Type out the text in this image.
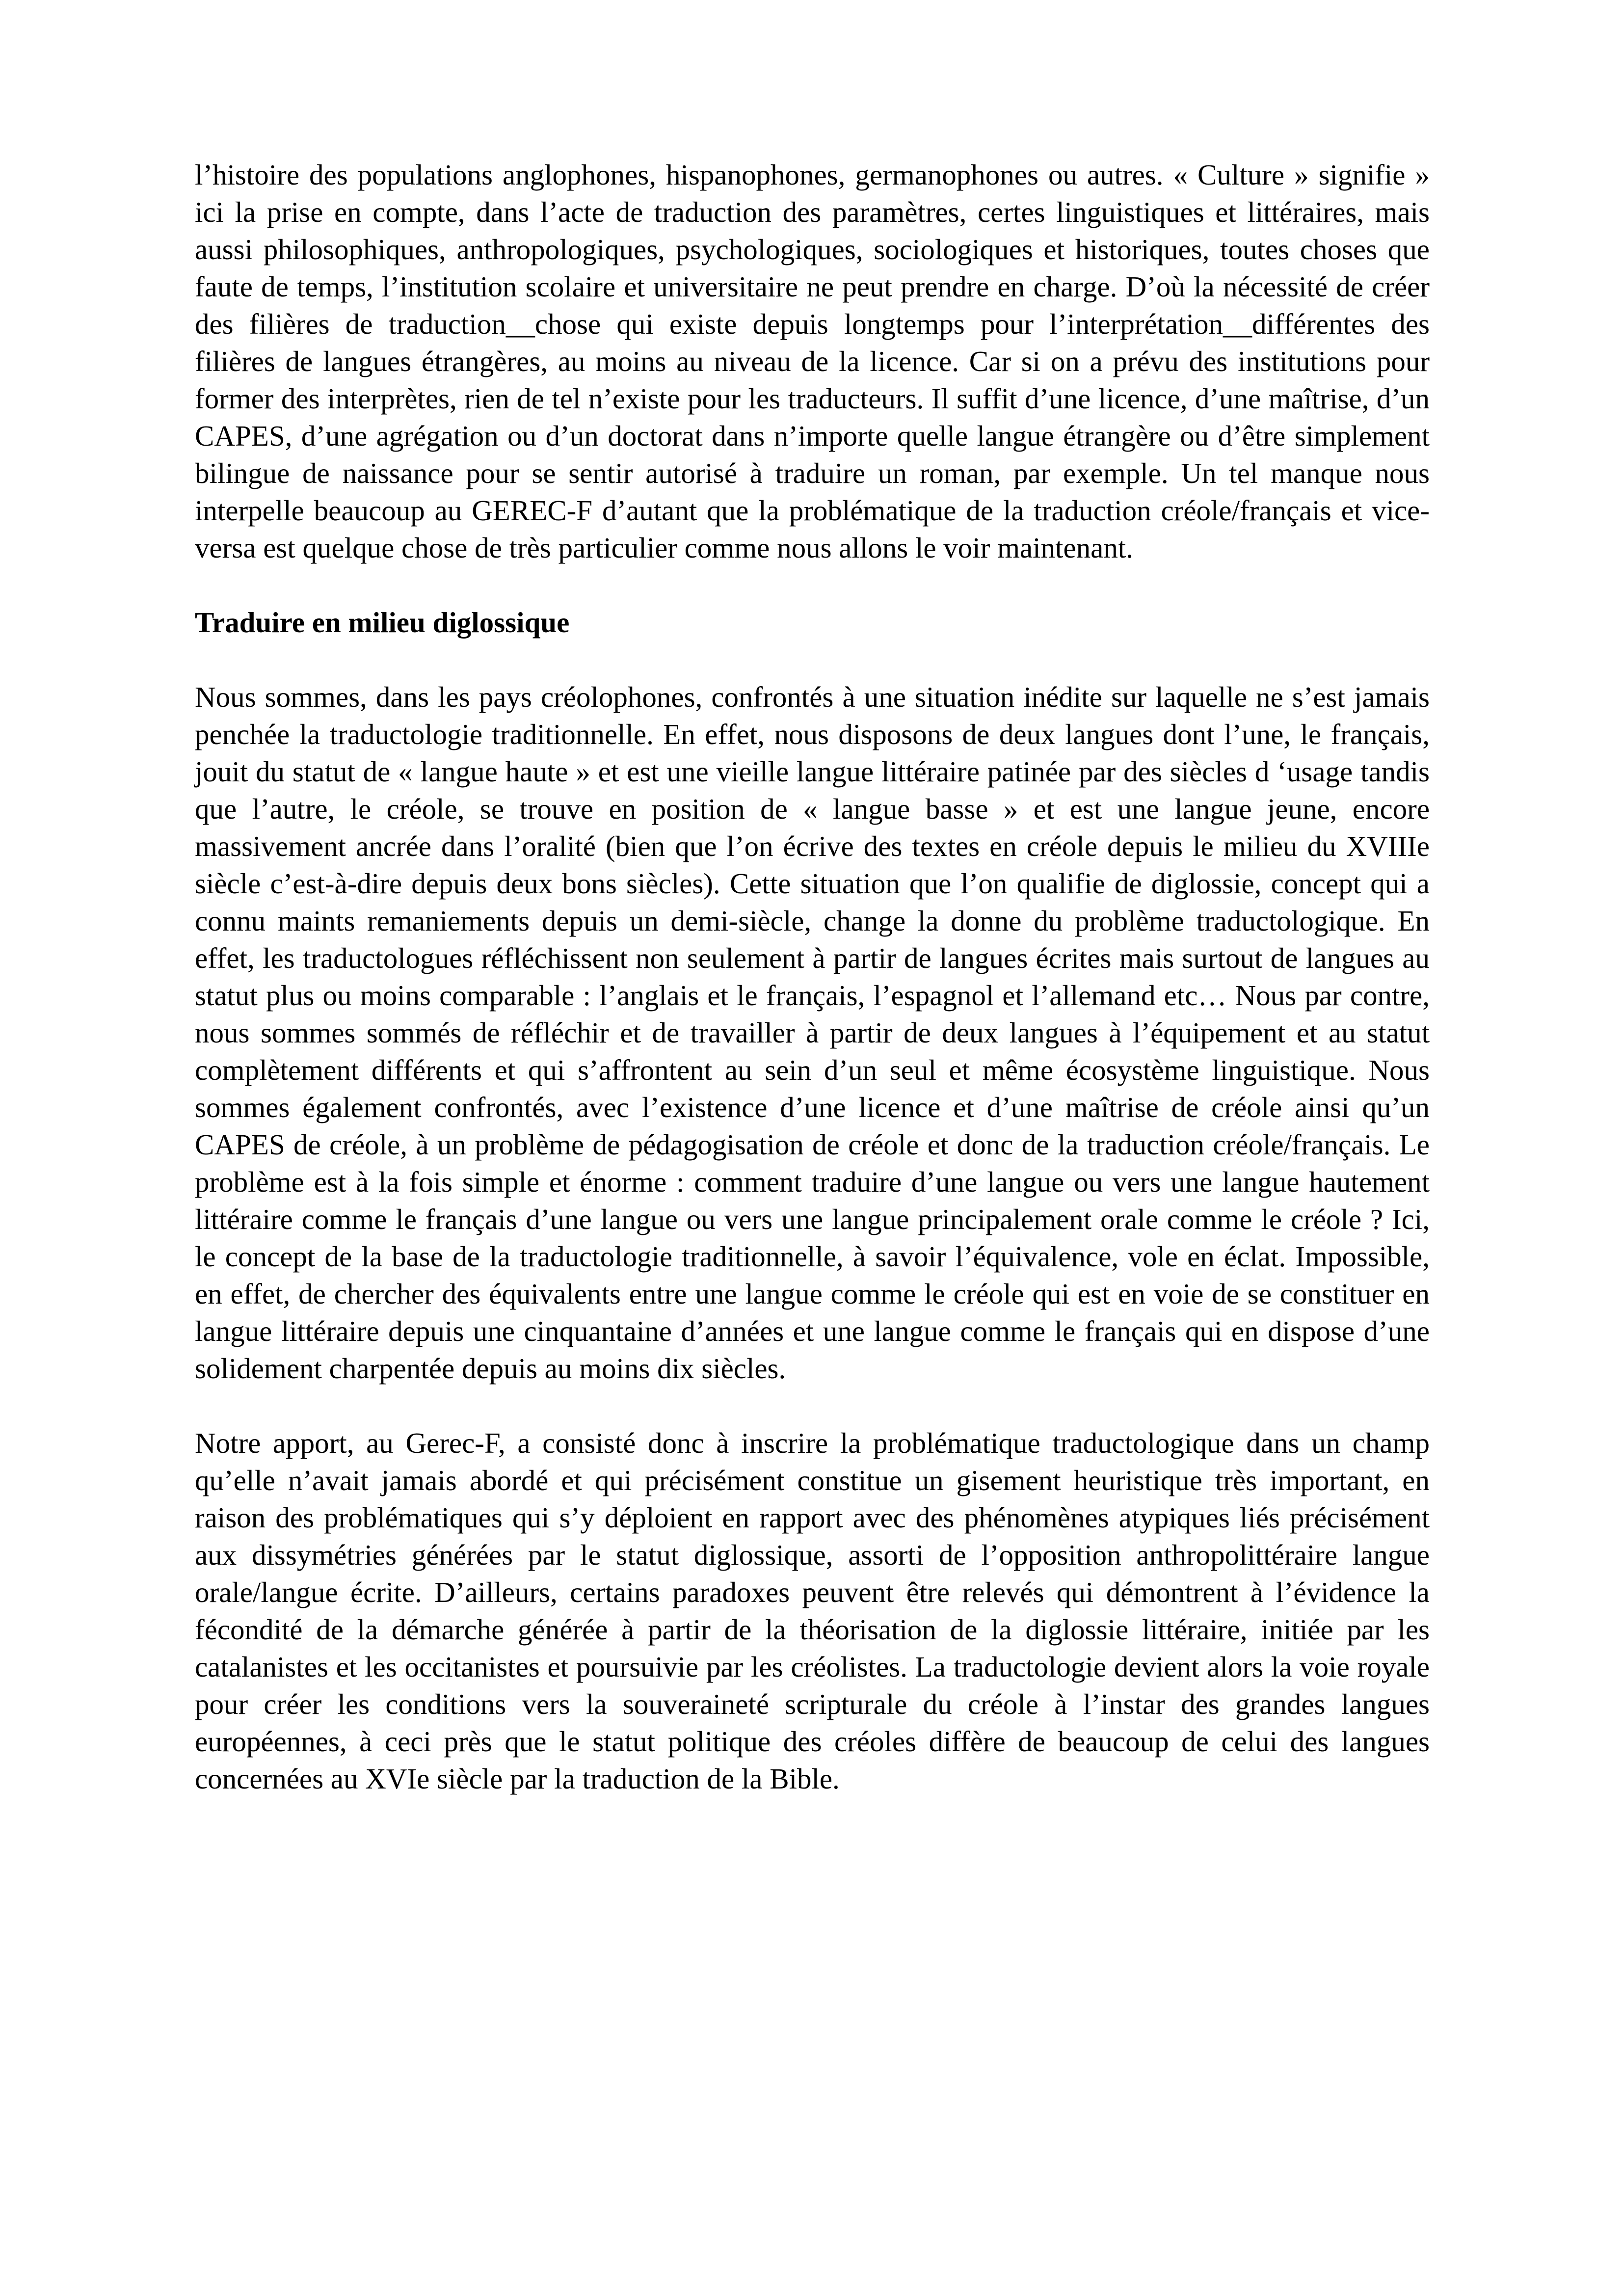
l’histoire des populations anglophones, hispanophones, germanophones ou autres. « Culture » signifie » ici la prise en compte, dans l’acte de traduction des paramètres, certes linguistiques et littéraires, mais aussi philosophiques, anthropologiques, psychologiques, sociologiques et historiques, toutes choses que faute de temps, l’institution scolaire et universitaire ne peut prendre en charge. D’où la nécessité de créer des filières de traduction__chose qui existe depuis longtemps pour l’interprétation__différentes des filières de langues étrangères, au moins au niveau de la licence. Car si on a prévu des institutions pour former des interprètes, rien de tel n’existe pour les traducteurs. Il suffit d’une licence, d’une maîtrise, d’un CAPES, d’une agrégation ou d’un doctorat dans n’importe quelle langue étrangère ou d’être simplement bilingue de naissance pour se sentir autorisé à traduire un roman, par exemple. Un tel manque nous interpelle beaucoup au GEREC-F d’autant que la problématique de la traduction créole/français et vice-versa est quelque chose de très particulier comme nous allons le voir maintenant.

Traduire en milieu diglossique

Nous sommes, dans les pays créolophones, confrontés à une situation inédite sur laquelle ne s’est jamais penchée la traductologie traditionnelle. En effet, nous disposons de deux langues dont l’une, le français, jouit du statut de « langue haute » et est une vieille langue littéraire patinée par des siècles d ‘usage tandis que l’autre, le créole, se trouve en position de « langue basse » et est une langue jeune, encore massivement ancrée dans l’oralité (bien que l’on écrive des textes en créole depuis le milieu du XVIIIe siècle c’est-à-dire depuis deux bons siècles). Cette situation que l’on qualifie de diglossie, concept qui a connu maints remaniements depuis un demi-siècle, change la donne du problème traductologique. En effet, les traductologues réfléchissent non seulement à partir de langues écrites mais surtout de langues au statut plus ou moins comparable : l’anglais et le français, l’espagnol et l’allemand etc… Nous par contre, nous sommes sommés de réfléchir et de travailler à partir de deux langues à l’équipement et au statut complètement différents et qui s’affrontent au sein d’un seul et même écosystème linguistique. Nous sommes également confrontés, avec l’existence d’une licence et d’une maîtrise de créole ainsi qu’un CAPES de créole, à un problème de pédagogisation de créole et donc de la traduction créole/français. Le problème est à la fois simple et énorme : comment traduire d’une langue ou vers une langue hautement littéraire comme le français d’une langue ou vers une langue principalement orale comme le créole ? Ici, le concept de la base de la traductologie traditionnelle, à savoir l’équivalence, vole en éclat. Impossible, en effet, de chercher des équivalents entre une langue comme le créole qui est en voie de se constituer en langue littéraire depuis une cinquantaine d’années et une langue comme le français qui en dispose d’une solidement charpentée depuis au moins dix siècles.

Notre apport, au Gerec-F, a consisté donc à inscrire la problématique traductologique dans un champ qu’elle n’avait jamais abordé et qui précisément constitue un gisement heuristique très important, en raison des problématiques qui s’y déploient en rapport avec des phénomènes atypiques liés précisément aux dissymétries générées par le statut diglossique, assorti de l’opposition anthropolittéraire langue orale/langue écrite. D’ailleurs, certains paradoxes peuvent être relevés qui démontrent à l’évidence la fécondité de la démarche générée à partir de la théorisation de la diglossie littéraire, initiée par les catalanistes et les occitanistes et poursuivie par les créolistes. La traductologie devient alors la voie royale pour créer les conditions vers la souveraineté scripturale du créole à l’instar des grandes langues européennes, à ceci près que le statut politique des créoles diffère de beaucoup de celui des langues concernées au XVIe siècle par la traduction de la Bible.
